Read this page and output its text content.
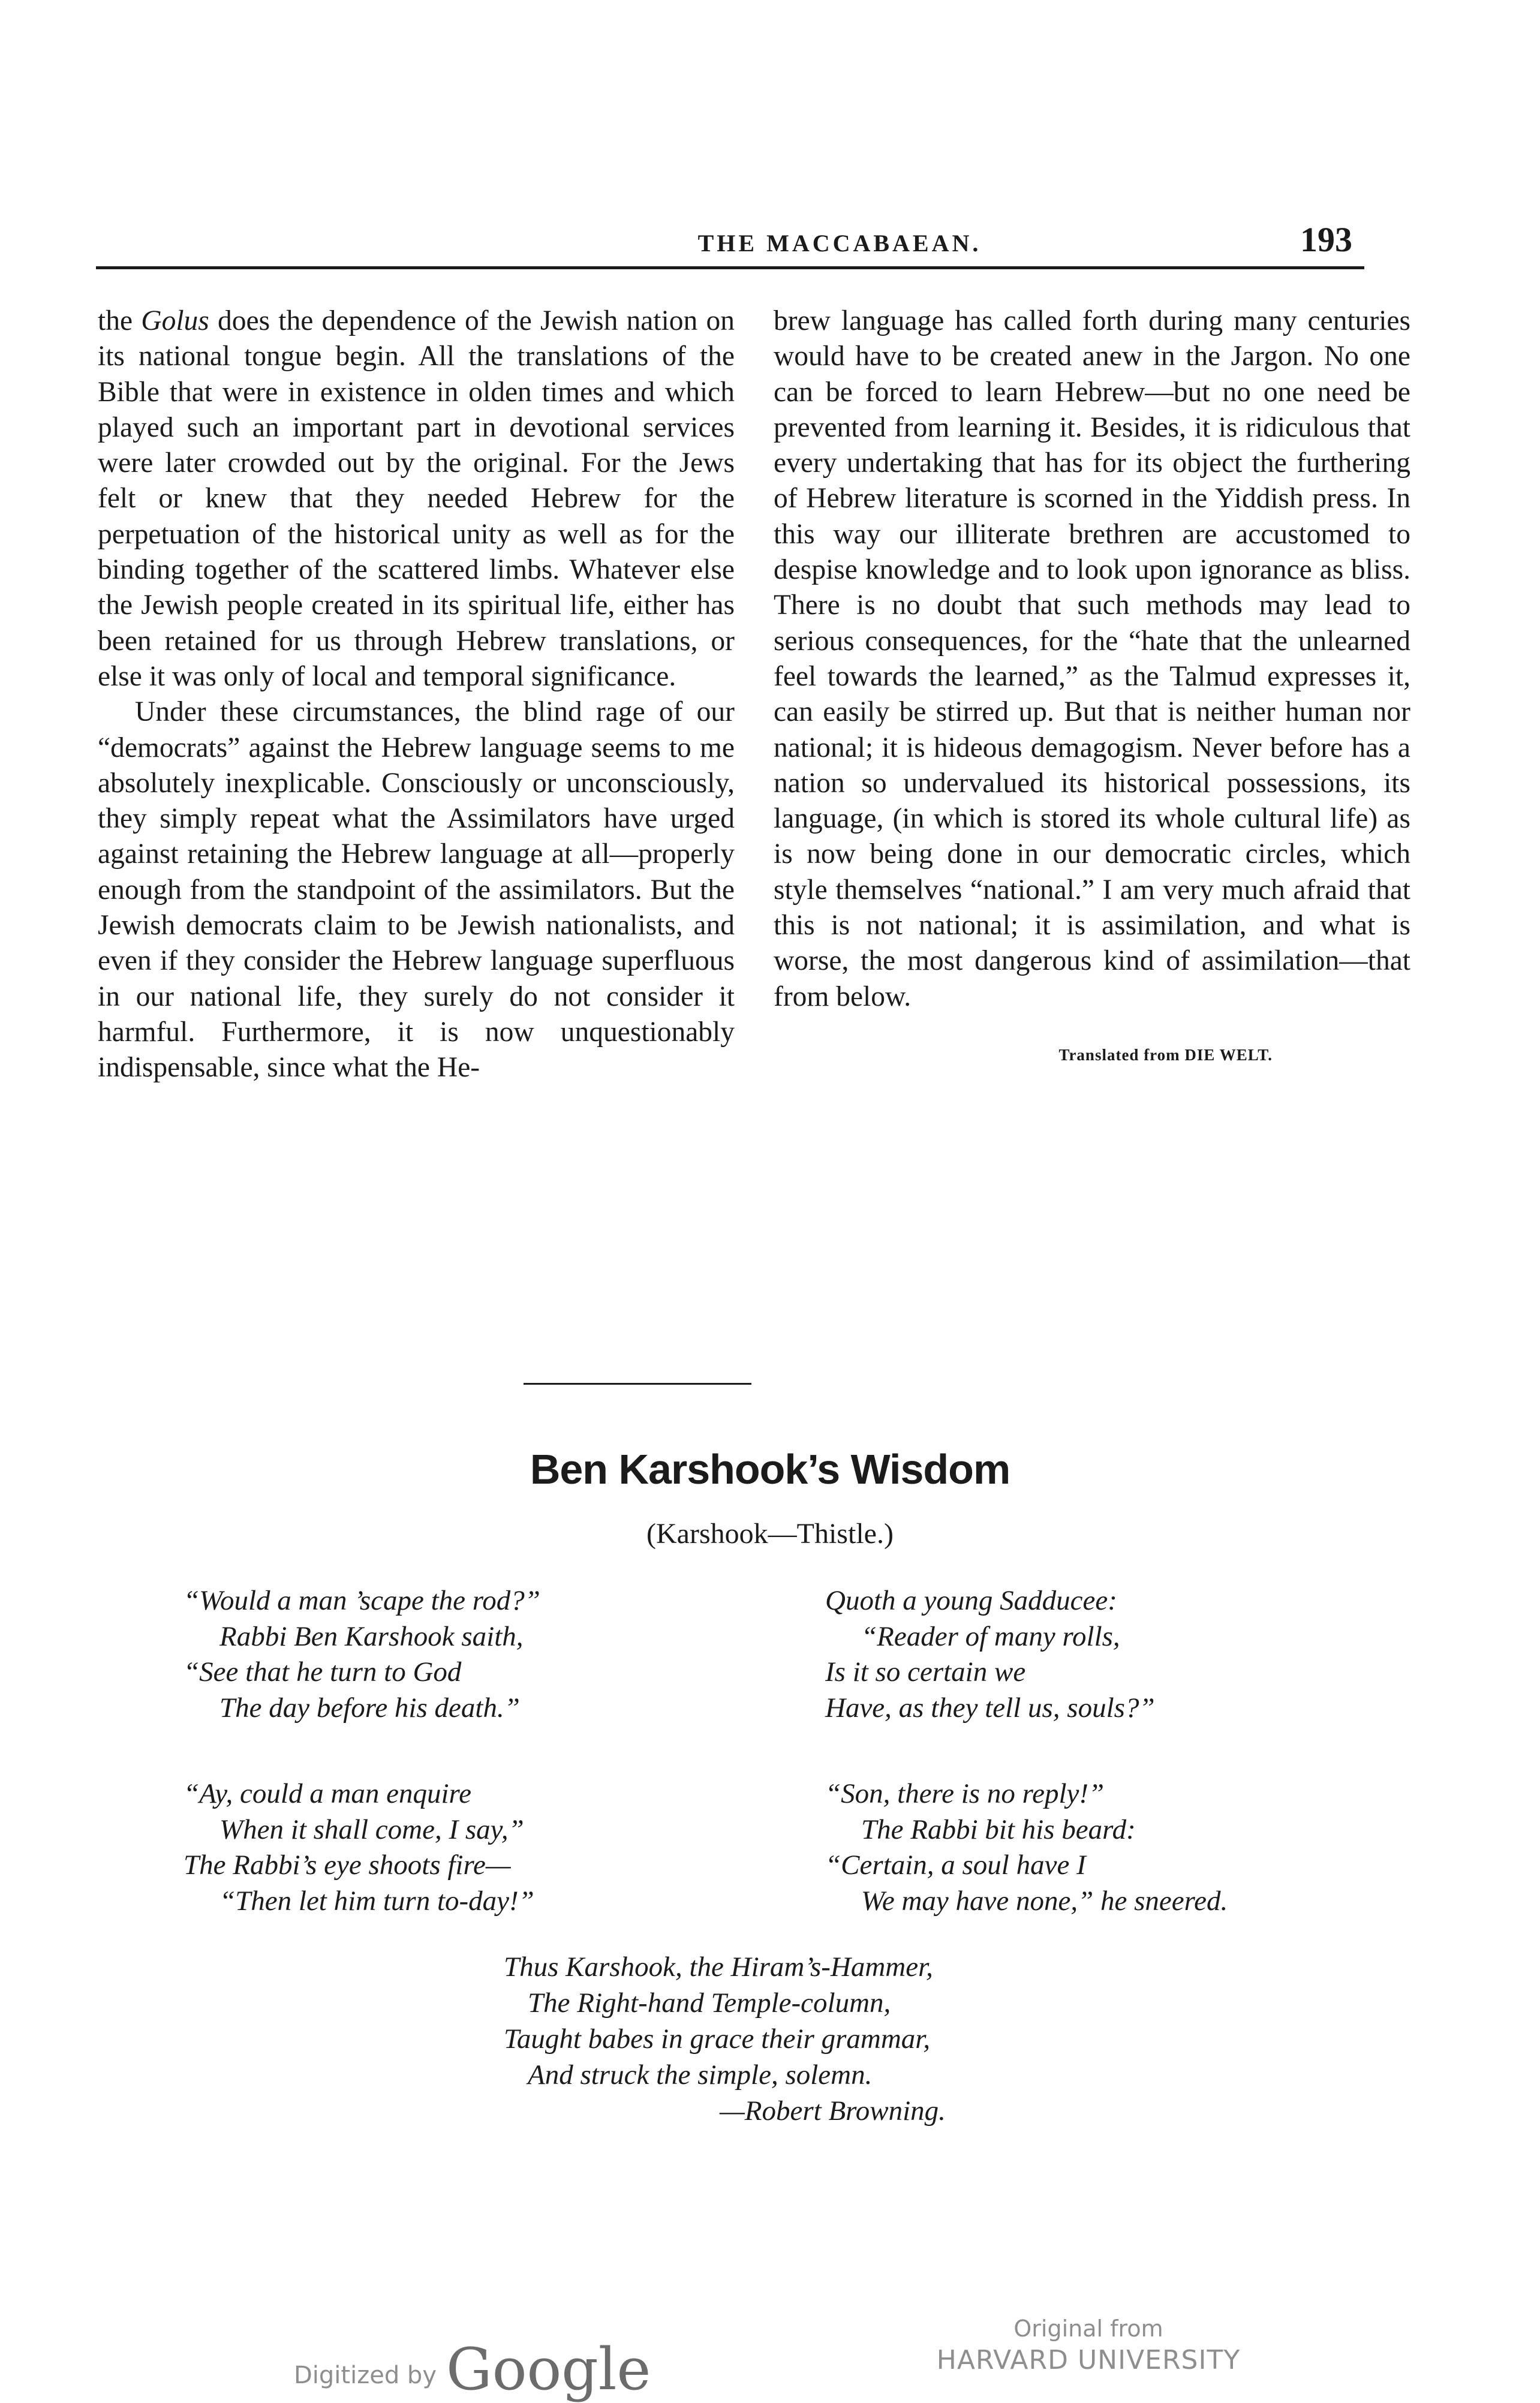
THE MACCABAEAN.	193

the Golus does the dependence of the Jewish nation on its national tongue begin. All the translations of the Bible that were in existence in olden times and which played such an important part in devotional services were later crowded out by the original. For the Jews felt or knew that they needed Hebrew for the perpetuation of the historical unity as well as for the binding together of the scattered limbs. Whatever else the Jewish people created in its spiritual life, either has been retained for us through Hebrew translations, or else it was only of local and temporal significance.

Under these circumstances, the blind rage of our “democrats” against the Hebrew language seems to me absolutely inexplicable. Consciously or unconsciously, they simply repeat what the Assimilators have urged against retaining the Hebrew language at all—properly enough from the standpoint of the assimilators. But the Jewish democrats claim to be Jewish nationalists, and even if they consider the Hebrew language superfluous in our national life, they surely do not consider it harmful. Furthermore, it is now unquestionably indispensable, since what the He-

brew language has called forth during many centuries would have to be created anew in the Jargon. No one can be forced to learn Hebrew—but no one need be prevented from learning it. Besides, it is ridiculous that every undertaking that has for its object the furthering of Hebrew literature is scorned in the Yiddish press. In this way our illiterate brethren are accustomed to despise knowledge and to look upon ignorance as bliss. There is no doubt that such methods may lead to serious consequences, for the “hate that the unlearned feel towards the learned,” as the Talmud expresses it, can easily be stirred up. But that is neither human nor national; it is hideous demagogism. Never before has a nation so undervalued its historical possessions, its language, (in which is stored its whole cultural life) as is now being done in our democratic circles, which style themselves “national.” I am very much afraid that this is not national; it is assimilation, and what is worse, the most dangerous kind of assimilation—that from below.

Translated from DIE WELT.
Ben Karshook’s Wisdom
(Karshook—Thistle.)
“Would a man ’scape the rod?”
Rabbi Ben Karshook saith,
“See that he turn to God
The day before his death.”
“Ay, could a man enquire
When it shall come, I say,”
The Rabbi’s eye shoots fire—
“Then let him turn to-day!”
Quoth a young Sadducee:
“Reader of many rolls,
Is it so certain we
Have, as they tell us, souls?”
“Son, there is no reply!”
The Rabbi bit his beard:
“Certain, a soul have I
We may have none,” he sneered.
Thus Karshook, the Hiram’s-Hammer,
The Right-hand Temple-column,
Taught babes in grace their grammar,
And struck the simple, solemn.
—Robert Browning.
Digitized by Google
Original from
HARVARD UNIVERSITY
